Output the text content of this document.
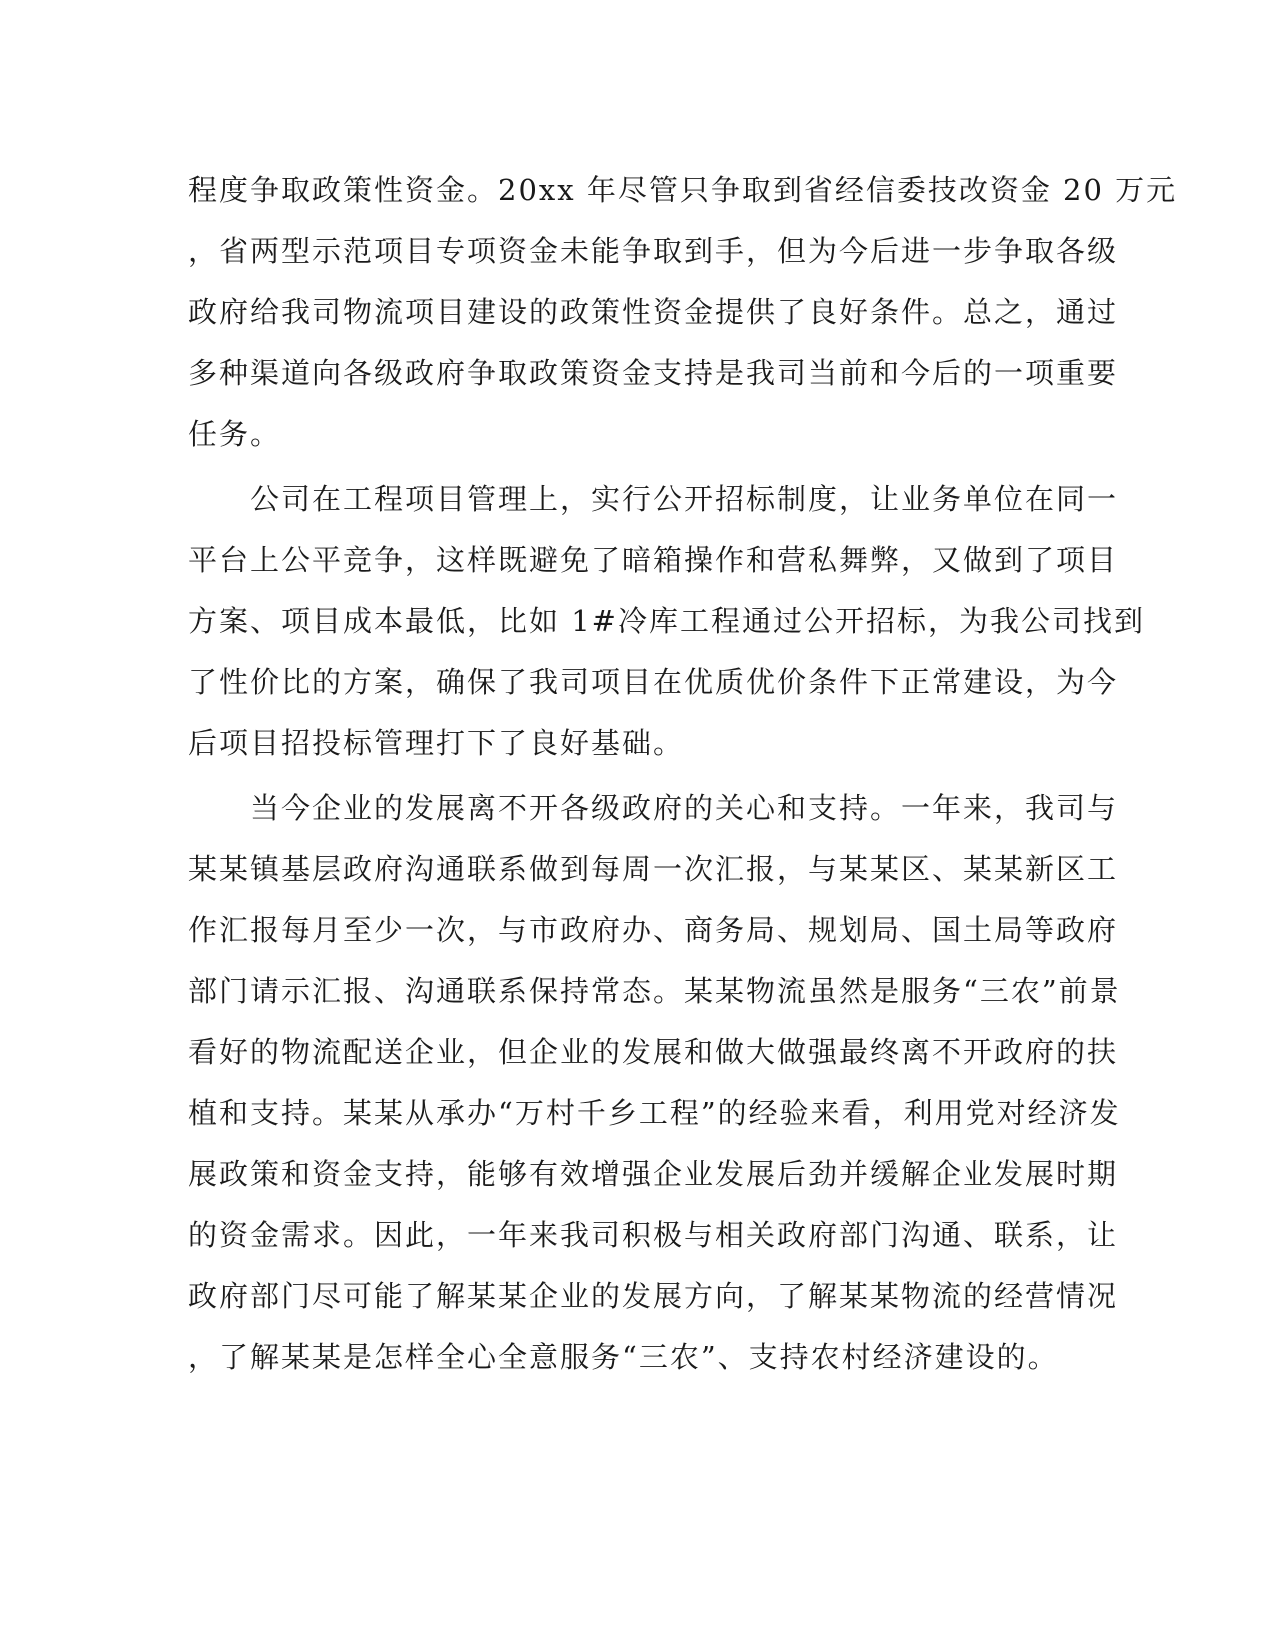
程度争取政策性资金。20xx 年尽管只争取到省经信委技改资金 20 万元
，省两型示范项目专项资金未能争取到手，但为今后进一步争取各级
政府给我司物流项目建设的政策性资金提供了良好条件。总之，通过
多种渠道向各级政府争取政策资金支持是我司当前和今后的一项重要
任务。
公司在工程项目管理上，实行公开招标制度，让业务单位在同一
平台上公平竞争，这样既避免了暗箱操作和营私舞弊，又做到了项目
方案、项目成本最低，比如 1#冷库工程通过公开招标，为我公司找到
了性价比的方案，确保了我司项目在优质优价条件下正常建设，为今
后项目招投标管理打下了良好基础。
当今企业的发展离不开各级政府的关心和支持。一年来，我司与
某某镇基层政府沟通联系做到每周一次汇报，与某某区、某某新区工
作汇报每月至少一次，与市政府办、商务局、规划局、国土局等政府
部门请示汇报、沟通联系保持常态。某某物流虽然是服务“三农”前景
看好的物流配送企业，但企业的发展和做大做强最终离不开政府的扶
植和支持。某某从承办“万村千乡工程”的经验来看，利用党对经济发
展政策和资金支持，能够有效增强企业发展后劲并缓解企业发展时期
的资金需求。因此，一年来我司积极与相关政府部门沟通、联系，让
政府部门尽可能了解某某企业的发展方向，了解某某物流的经营情况
，了解某某是怎样全心全意服务“三农”、支持农村经济建设的。
